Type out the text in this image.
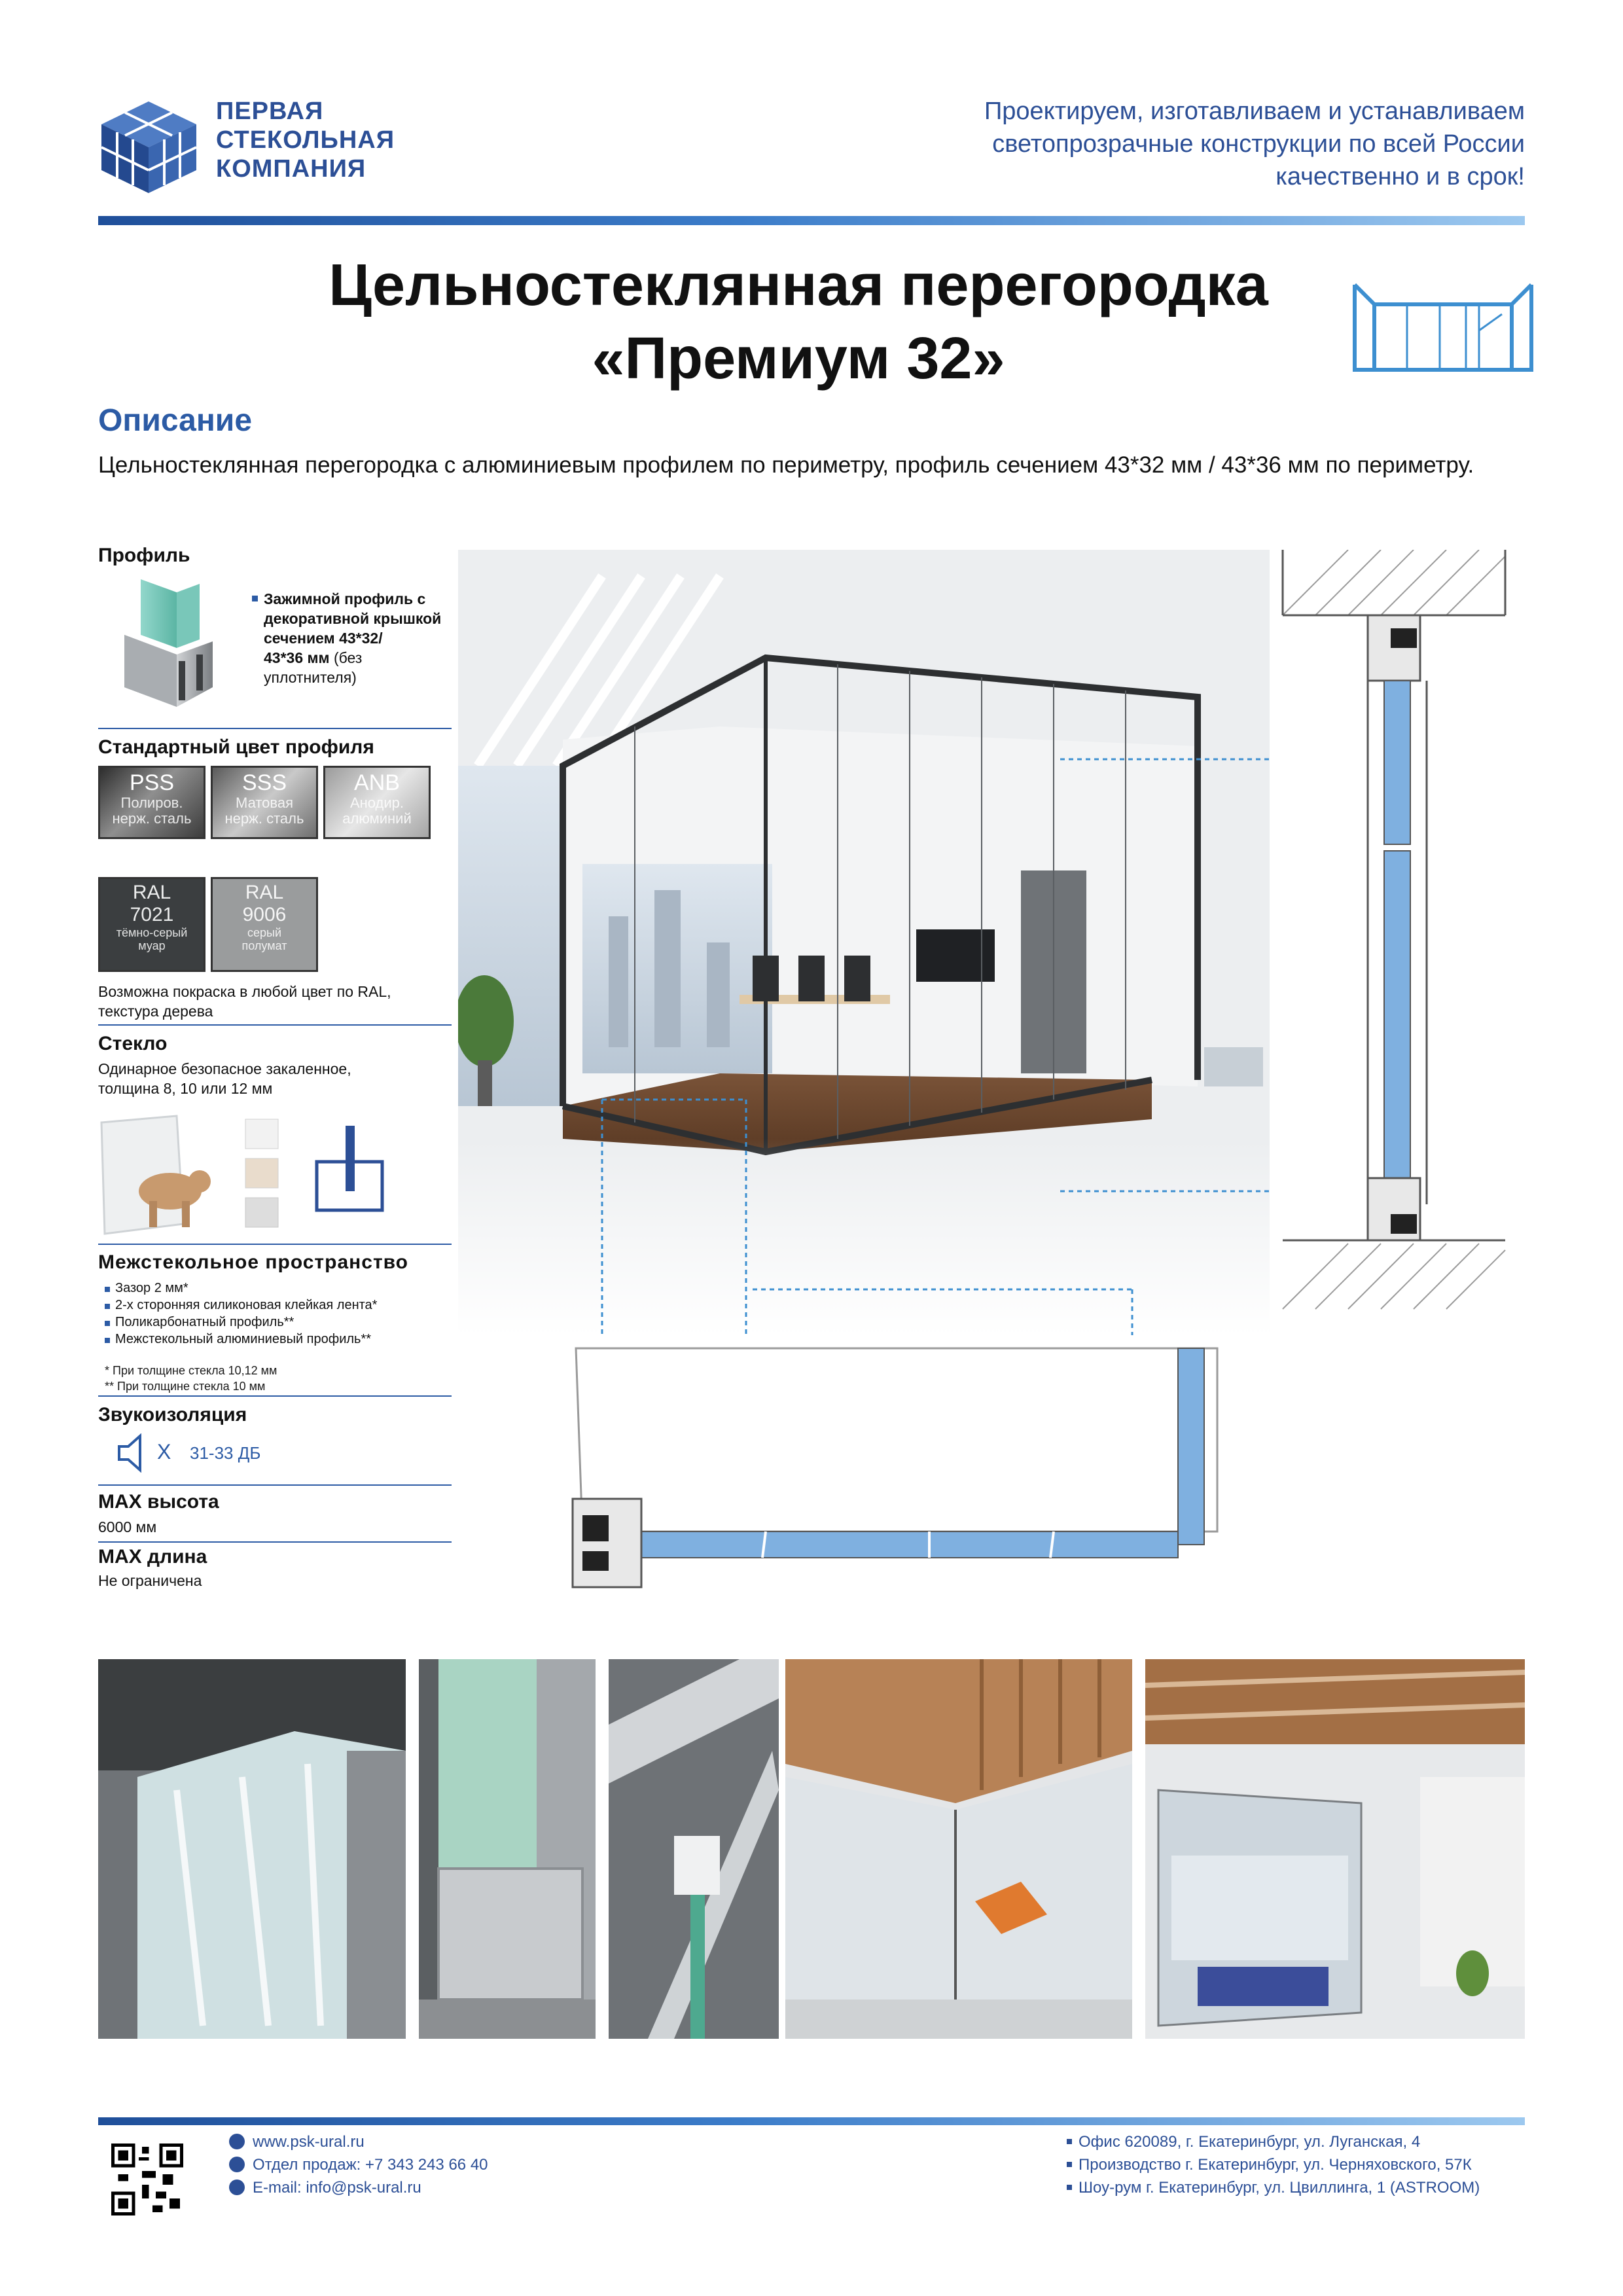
ПЕРВАЯ
СТЕКОЛЬНАЯ
КОМПАНИЯ
Проектируем, изготавливаем и устанавливаем
светопрозрачные конструкции по всей России
качественно и в срок!
Цельностеклянная перегородка
«Премиум 32»
Описание
Цельностеклянная перегородка с алюминиевым профилем по периметру, профиль сечением 43*32 мм / 43*36 мм по периметру.
Профиль
Зажимной профиль с
декоративной крышкой
сечением 43*32/
43*36 мм (без
уплотнителя)
Стандартный цвет профиля
PSS
Полиров.
нерж. сталь
SSS
Матовая
нерж. сталь
ANB
Анодир.
алюминий
RAL
7021
тёмно-серый
муар
RAL
9006
серый
полумат
Возможна покраска в любой цвет по RAL,
текстура дерева
Стекло
Одинарное безопасное закаленное,
толщина 8, 10 или 12 мм
Межстекольное пространство
Зазор 2 мм*
2-х сторонняя силиконовая клейкая лента*
Поликарбонатный профиль**
Межстекольный алюминиевый профиль**
* При толщине стекла 10,12 мм
** При толщине стекла 10 мм
Звукоизоляция
X 31-33 ДБ
MAX высота
6000 мм
MAX длина
Не ограничена
www.psk-ural.ru
Отдел продаж: +7 343 243 66 40
E-mail: info@psk-ural.ru
Офис 620089, г. Екатеринбург, ул. Луганская, 4
Производство г. Екатеринбург, ул. Черняховского, 57К
Шоу-рум г. Екатеринбург, ул. Цвиллинга, 1 (ASTROOM)
